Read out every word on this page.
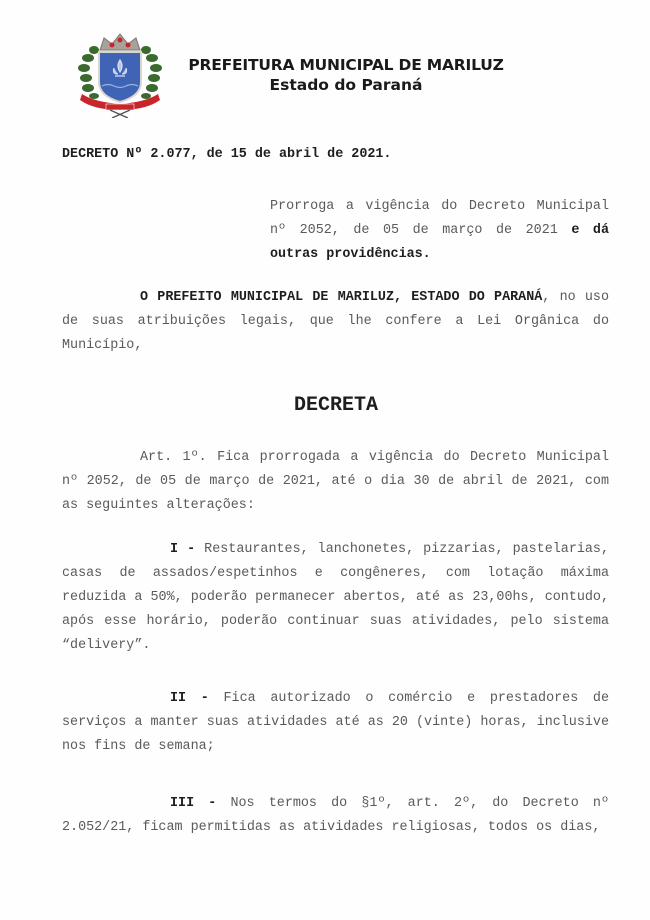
PREFEITURA MUNICIPAL DE MARILUZ
Estado do Paraná
DECRETO Nº 2.077, de 15 de abril de 2021.
Prorroga a vigência do Decreto Municipal nº 2052, de 05 de março de 2021 e dá outras providências.
O PREFEITO MUNICIPAL DE MARILUZ, ESTADO DO PARANÁ, no uso de suas atribuições legais, que lhe confere a Lei Orgânica do Município,
DECRETA
Art. 1º. Fica prorrogada a vigência do Decreto Municipal nº 2052, de 05 de março de 2021, até o dia 30 de abril de 2021, com as seguintes alterações:
I - Restaurantes, lanchonetes, pizzarias, pastelarias, casas de assados/espetinhos e congêneres, com lotação máxima reduzida a 50%, poderão permanecer abertos, até as 23,00hs, contudo, após esse horário, poderão continuar suas atividades, pelo sistema “delivery”.
II - Fica autorizado o comércio e prestadores de serviços a manter suas atividades até as 20 (vinte) horas, inclusive nos fins de semana;
III - Nos termos do §1º, art. 2º, do Decreto nº 2.052/21, ficam permitidas as atividades religiosas, todos os dias,
